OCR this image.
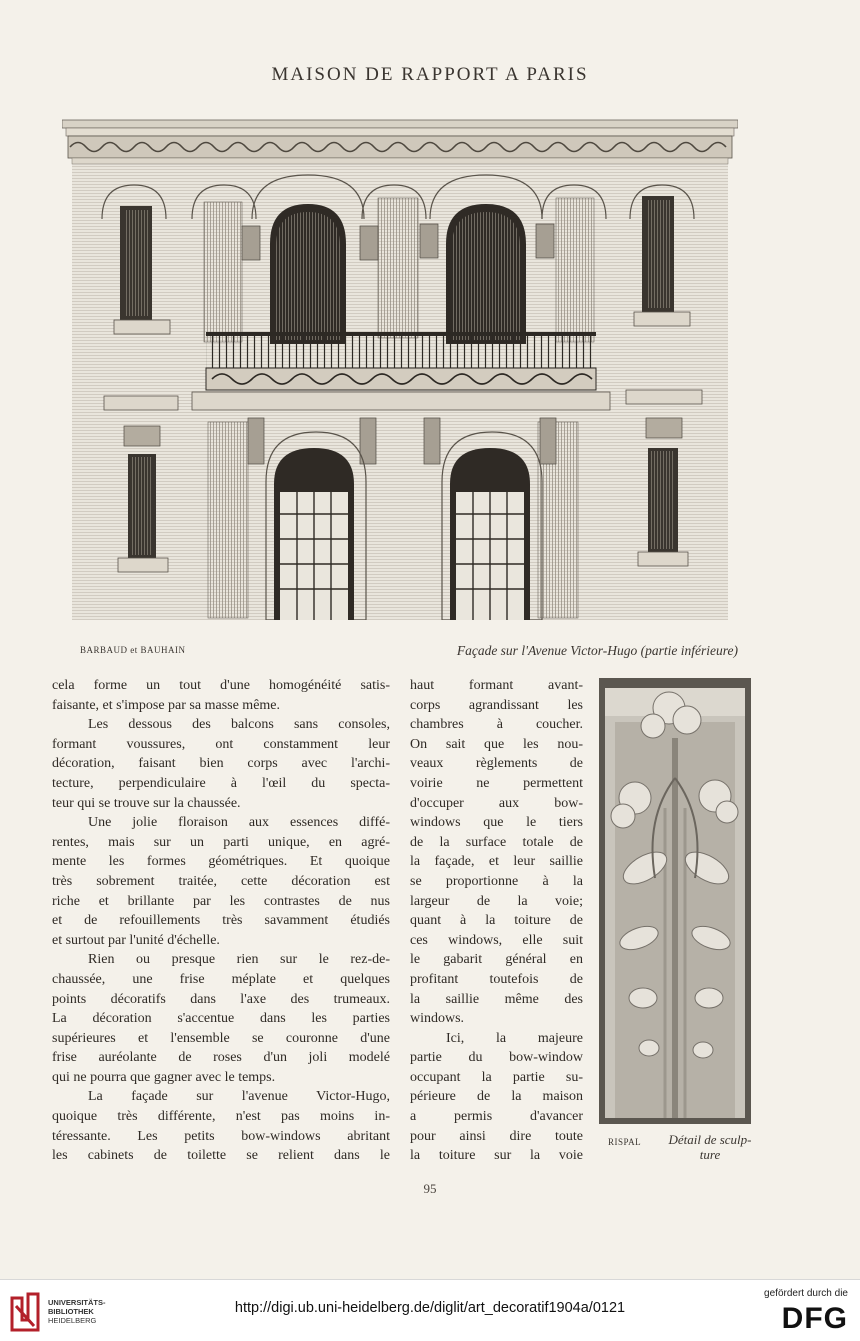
MAISON DE RAPPORT A PARIS
BARBAUD et BAUHAIN	Façade sur l'Avenue Victor-Hugo (partie inférieure)
cela forme un tout d'une homogénéité satis-
faisante, et s'impose par sa masse même.
Les dessous des balcons sans consoles,
formant voussures, ont constamment leur
décoration, faisant bien corps avec l'archi-
tecture, perpendiculaire à l'œil du specta-
teur qui se trouve sur la chaussée.
Une jolie floraison aux essences diffé-
rentes, mais sur un parti unique, en agré-
mente les formes géométriques. Et quoique
très sobrement traitée, cette décoration est
riche et brillante par les contrastes de nus
et de refouillements très savamment étudiés
et surtout par l'unité d'échelle.
Rien ou presque rien sur le rez-de-
chaussée, une frise méplate et quelques
points décoratifs dans l'axe des trumeaux.
La décoration s'accentue dans les parties
supérieures et l'ensemble se couronne d'une
frise auréolante de roses d'un joli modelé
qui ne pourra que gagner avec le temps.
La façade sur l'avenue Victor-Hugo,
quoique très différente, n'est pas moins in-
téressante. Les petits bow-windows abritant
les cabinets de toilette se relient dans le
haut formant avant-
corps agrandissant les
chambres à coucher.
On sait que les nou-
veaux règlements de
voirie ne permettent
d'occuper aux bow-
windows que le tiers
de la surface totale de
la façade, et leur saillie
se proportionne à la
largeur de la voie;
quant à la toiture de
ces windows, elle suit
le gabarit général en
profitant toutefois de
la saillie même des
windows.
Ici, la majeure
partie du bow-window
occupant la partie su-
périeure de la maison
a permis d'avancer
pour ainsi dire toute
la toiture sur la voie
RISPAL	Détail de sculp-
ture
95
UNIVERSITÄTS-
BIBLIOTHEK
HEIDELBERG
http://digi.ub.uni-heidelberg.de/diglit/art_decoratif1904a/0121
gefördert durch die
DFG
